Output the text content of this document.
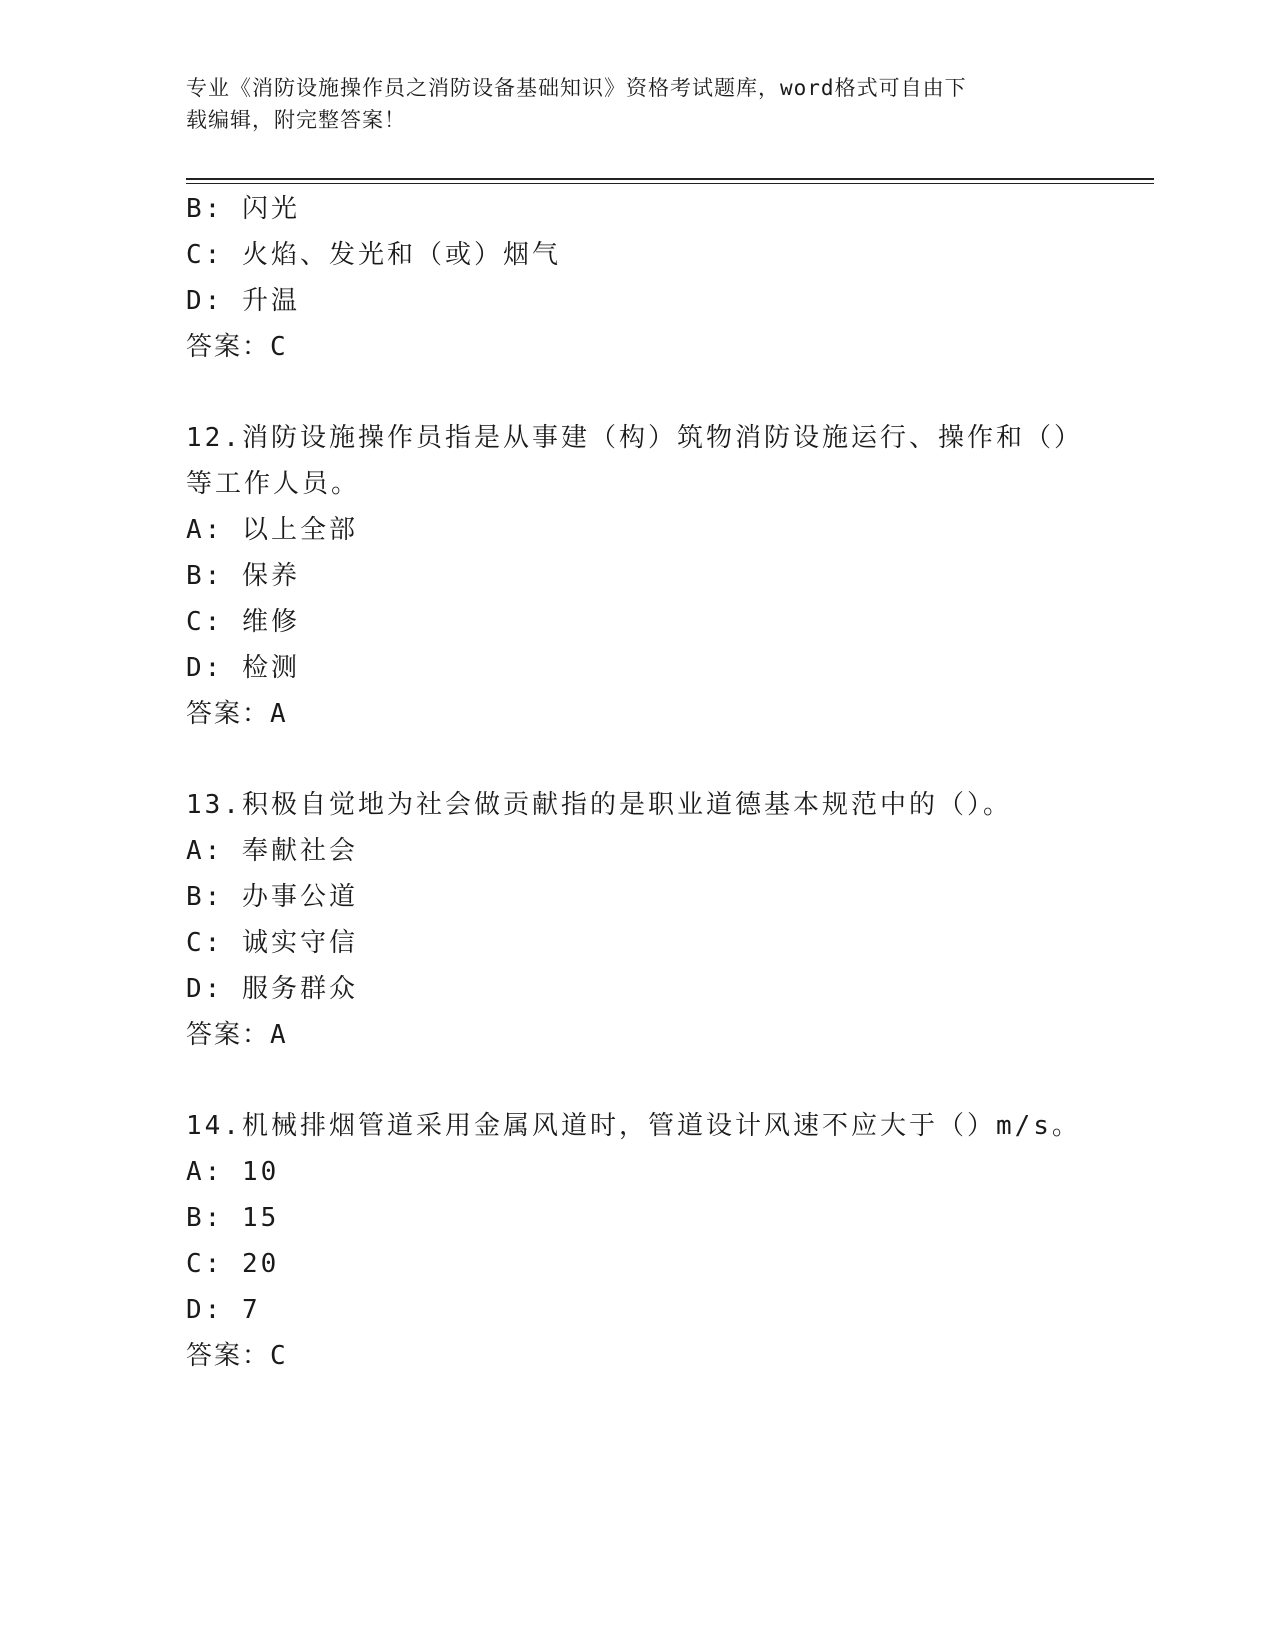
专业《消防设施操作员之消防设备基础知识》资格考试题库，word格式可自由下
载编辑，附完整答案！
B: 闪光
C: 火焰、发光和（或）烟气
D: 升温
答案：C
12.消防设施操作员指是从事建（构）筑物消防设施运行、操作和（）
等工作人员。
A: 以上全部
B: 保养
C: 维修
D: 检测
答案：A
13.积极自觉地为社会做贡献指的是职业道德基本规范中的（）。
A: 奉献社会
B: 办事公道
C: 诚实守信
D: 服务群众
答案：A
14.机械排烟管道采用金属风道时，管道设计风速不应大于（）m/s。
A: 10
B: 15
C: 20
D: 7
答案：C
